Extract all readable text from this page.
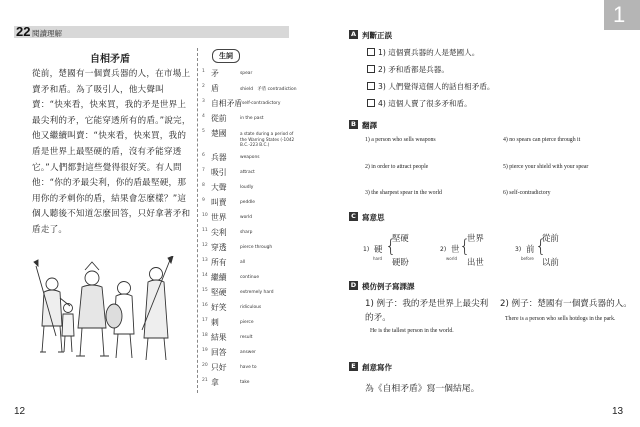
22 閱讀理解
自相矛盾
從前，楚國有一個賣兵器的人，在市場上賣矛和盾。為了吸引人，他大聲叫賣：“快來看，快來買，我的矛是世界上最尖利的矛，它能穿透所有的盾。”說完，他又繼續叫賣：“快來看，快來買，我的盾是世界上最堅硬的盾，沒有矛能穿透它。”人們都對這些覺得很好笑。有人問他：“你的矛最尖利，你的盾最堅硬，那用你的矛刺你的盾，結果會怎麼樣？”這個人聽後不知道怎麼回答，只好拿著矛和盾走了。
生詞
1 矛	spear
2 盾	shield　矛盾 contradiction
3 自相矛盾 self-contradictory
4 從前	in the past
5 楚國	a state during a period of the Warring States (‑1042 B.C.-223 B.C.)
6 兵器	weapons
7 吸引	attract
8 大聲	loudly
9 叫賣	peddle
10 世界	world
11 尖利	sharp
12 穿透	pierce through
13 所有	all
14 繼續	continue
15 堅硬	extremely hard
16 好笑	ridiculous
17 刺	pierce
18 結果	result
19 回答	answer
20 只好	have to
21 拿	take
12
1
A 判斷正誤
1) 這個賣兵器的人是楚國人。
2) 矛和盾都是兵器。
3) 人們覺得這個人的話自相矛盾。
4) 這個人賣了很多矛和盾。
B 翻譯
1) a person who sells weapons	4) no spears can pierce through it
2) in order to attract people	5) pierce your shield with your spear
3) the sharpest spear in the world	6) self-contradictory
C 寫意思
1) 硬
hard
{
堅硬
硬盼
2) 世
world
{
世界
出世
3) 前
before
{
從前
以前
D 模仿例子寫課課
1) 例子：我的矛是世界上最尖利的矛。
He is the tallest person in the world.
2) 例子：楚國有一個賣兵器的人。
There is a person who sells hotdogs in the park.
E 創意寫作
為《自相矛盾》寫一個結尾。
13
